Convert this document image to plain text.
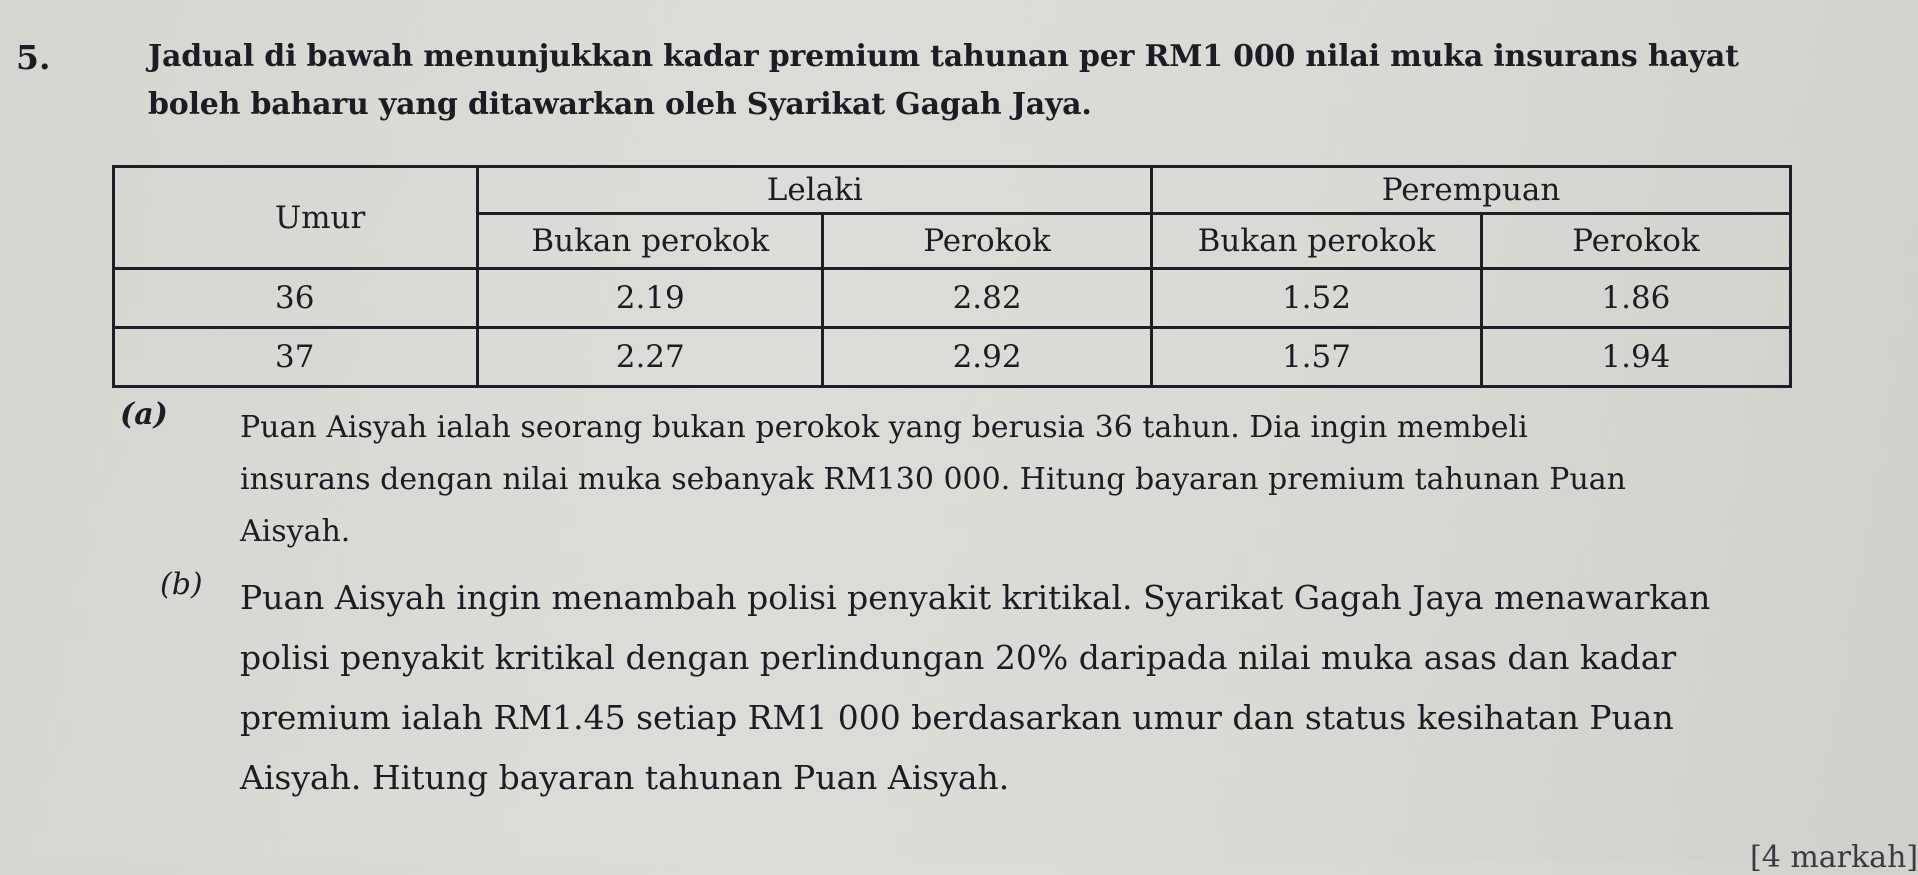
5.	Jadual di bawah menunjukkan kadar premium tahunan per RM1 000 nilai muka insurans hayat
boleh baharu yang ditawarkan oleh Syarikat Gagah Jaya.
Umur	Lelaki		Perempuan	
	Bukan perokok	Perokok	Bukan perokok	Perokok
36	2.19	2.82	1.52	1.86
37	2.27	2.92	1.57	1.94
(a) Puan Aisyah ialah seorang bukan perokok yang berusia 36 tahun. Dia ingin membeli
insurans dengan nilai muka sebanyak RM130 000. Hitung bayaran premium tahunan Puan
Aisyah.
(b) Puan Aisyah ingin menambah polisi penyakit kritikal. Syarikat Gagah Jaya menawarkan
polisi penyakit kritikal dengan perlindungan 20% daripada nilai muka asas dan kadar
premium ialah RM1.45 setiap RM1 000 berdasarkan umur dan status kesihatan Puan
Aisyah. Hitung bayaran tahunan Puan Aisyah.
[4 markah]
